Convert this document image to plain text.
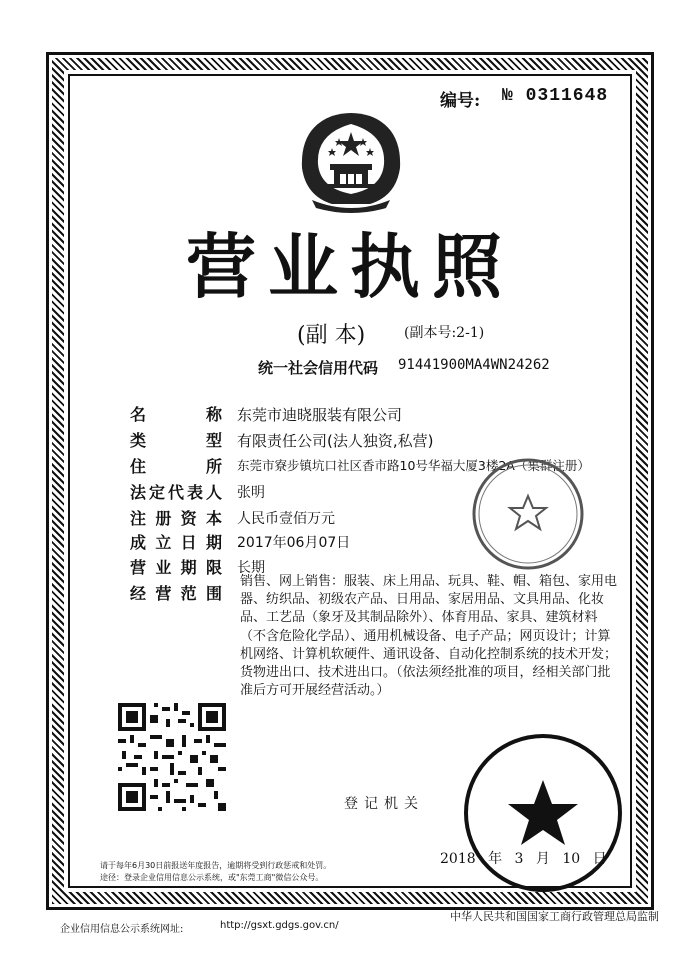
编号: № 0311648
营业执照
(副 本)	(副本号:2-1)
统一社会信用代码 91441900MA4WN24262
名称 东莞市迪晓服装有限公司
类型 有限责任公司(法人独资,私营)
住所 东莞市寮步镇坑口社区香市路10号华福大厦3楼2A（集群注册）
法定代表人 张明
注册资本 人民币壹佰万元
成立日期 2017年06月07日
营业期限 长期
经营范围
销售、网上销售：服装、床上用品、玩具、鞋、帽、箱包、家用电器、纺织品、初级农产品、日用品、家居用品、文具用品、化妆品、工艺品（象牙及其制品除外）、体育用品、家具、建筑材料（不含危险化学品）、通用机械设备、电子产品；网页设计；计算机网络、计算机软硬件、通讯设备、自动化控制系统的技术开发；货物进出口、技术进出口。（依法须经批准的项目，经相关部门批准后方可开展经营活动。）
登记机关
2018 年 3 月 10 日
请于每年6月30日前报送年度报告，逾期将受到行政惩戒和处罚。
途径：登录企业信用信息公示系统，或"东莞工商"微信公众号。
企业信用信息公示系统网址:	http://gsxt.gdgs.gov.cn/
中华人民共和国国家工商行政管理总局监制
